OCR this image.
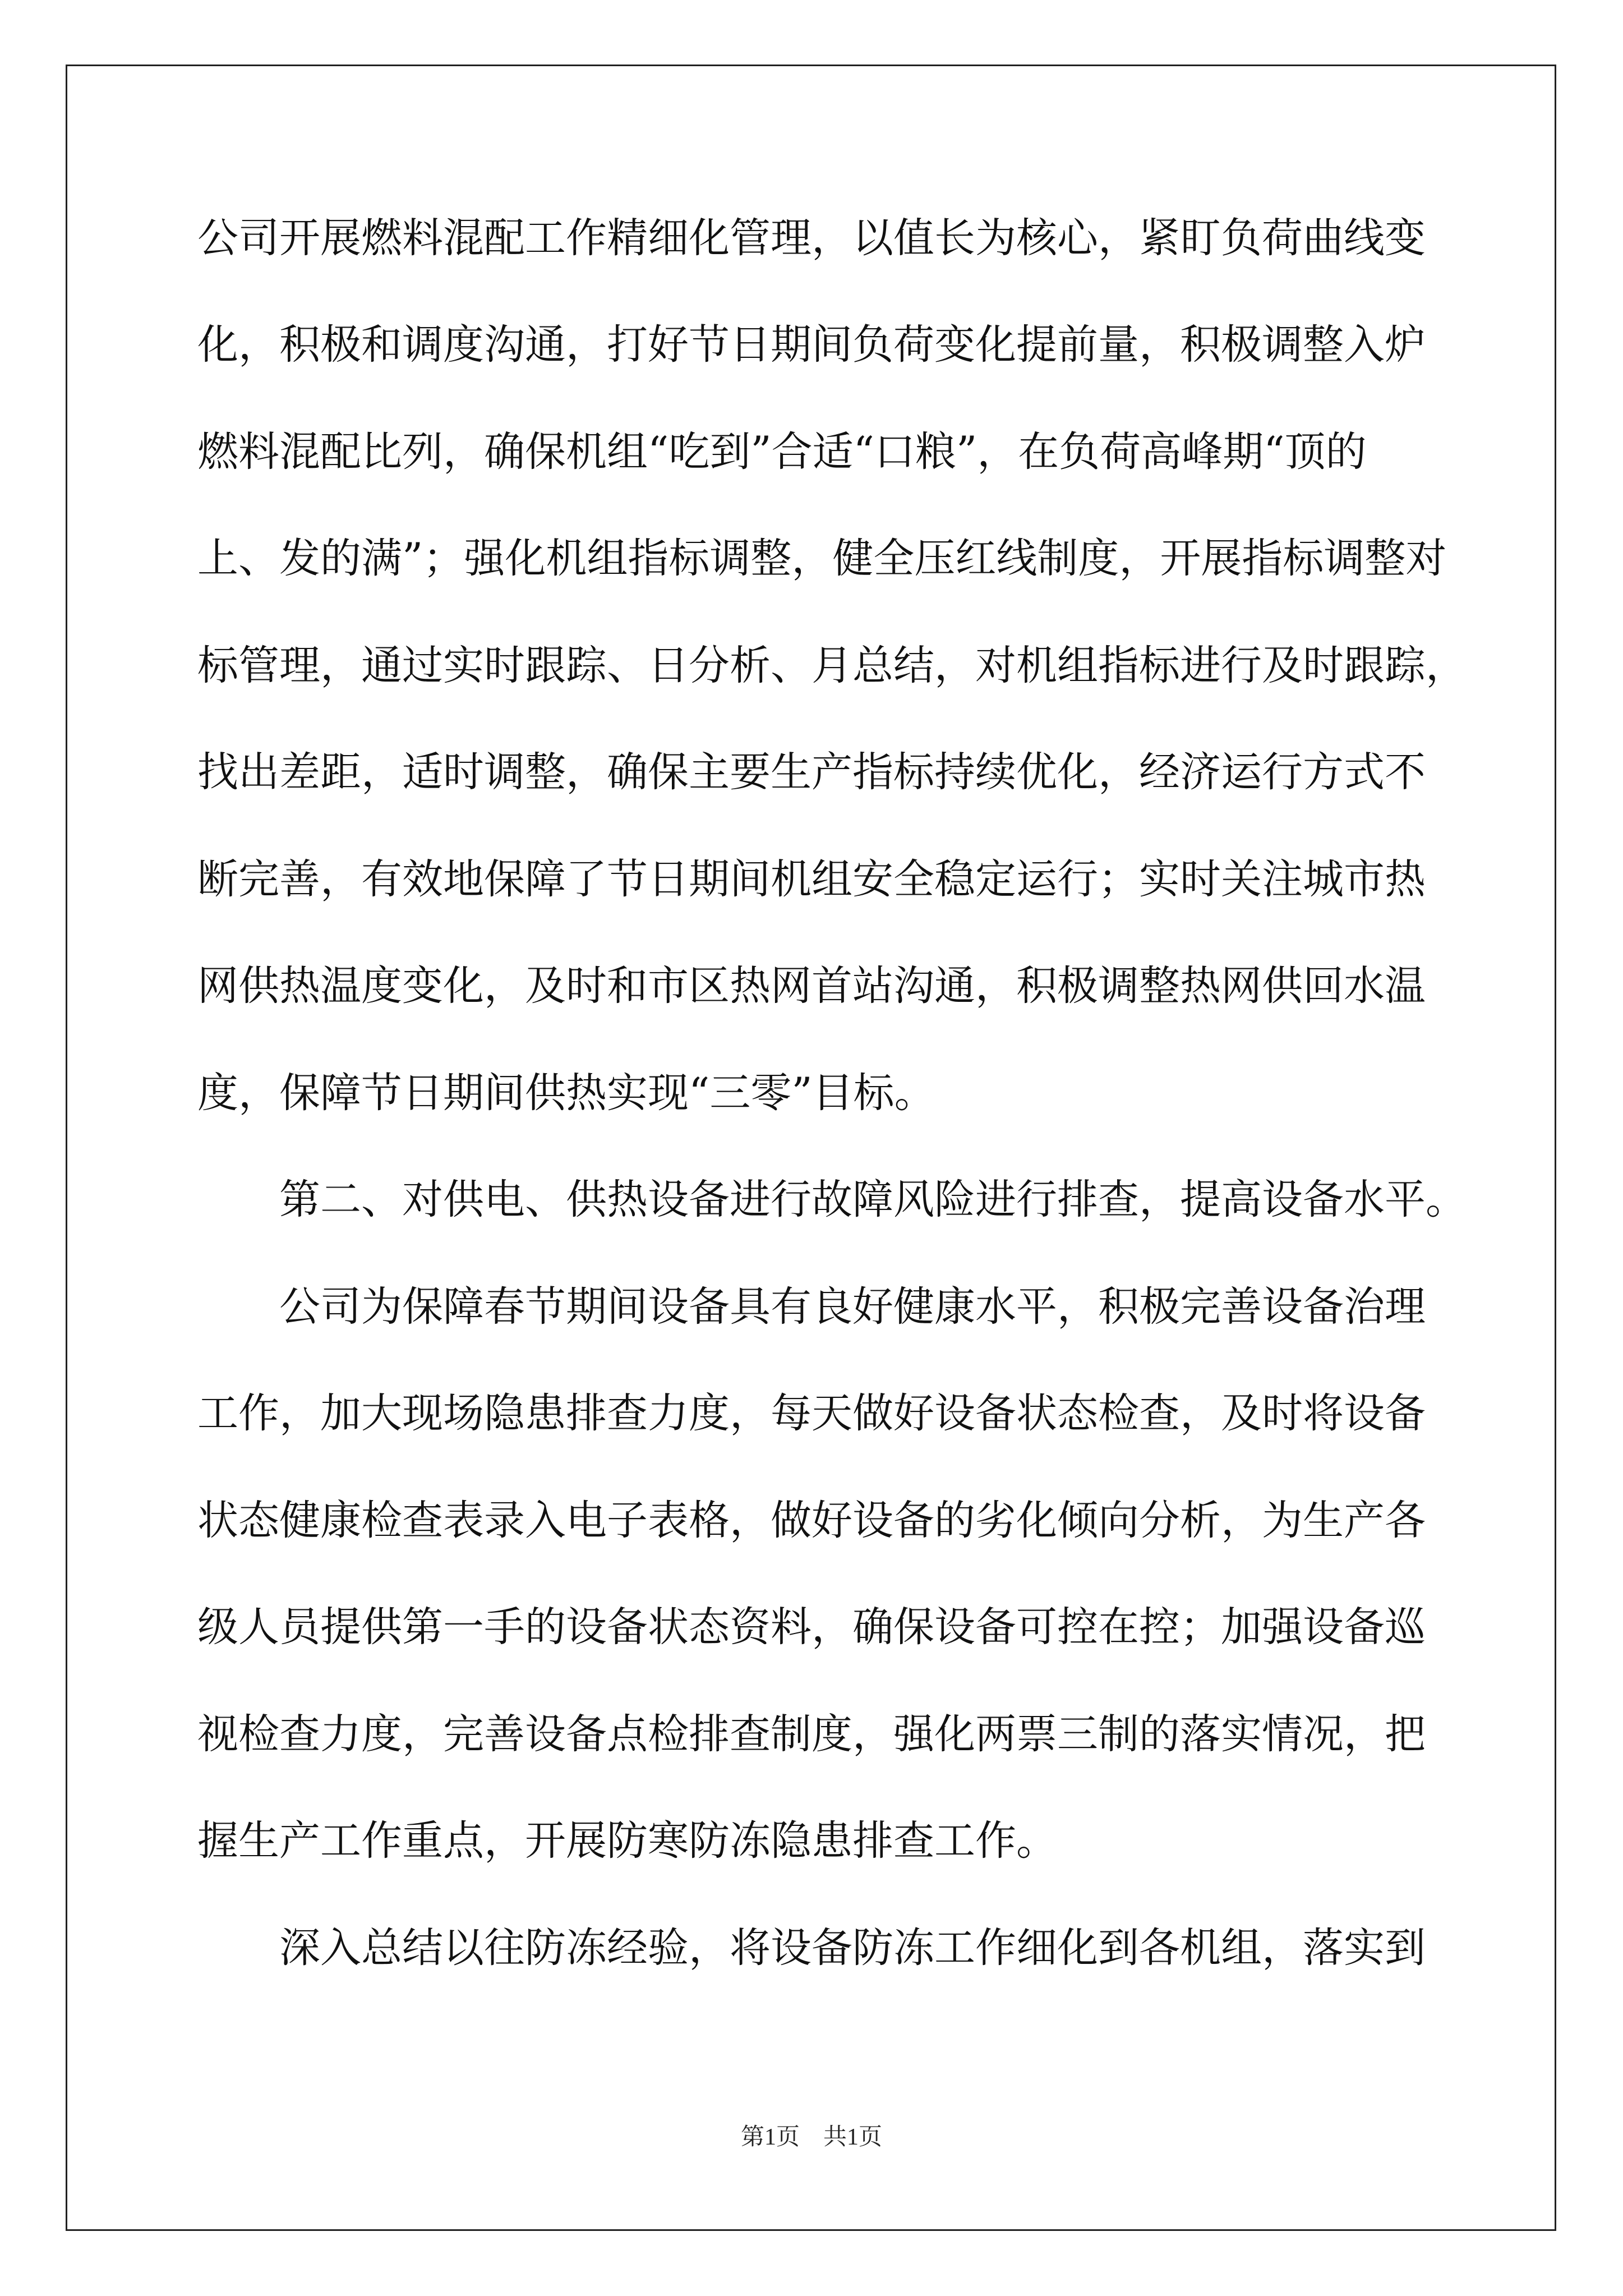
公司开展燃料混配工作精细化管理，以值长为核心，紧盯负荷曲线变
化，积极和调度沟通，打好节日期间负荷变化提前量，积极调整入炉
燃料混配比列，确保机组“吃到”合适“口粮”，在负荷高峰期“顶的
上、发的满”；强化机组指标调整，健全压红线制度，开展指标调整对
标管理，通过实时跟踪、日分析、月总结，对机组指标进行及时跟踪，
找出差距，适时调整，确保主要生产指标持续优化，经济运行方式不
断完善，有效地保障了节日期间机组安全稳定运行；实时关注城市热
网供热温度变化，及时和市区热网首站沟通，积极调整热网供回水温
度，保障节日期间供热实现“三零”目标。
　　第二、对供电、供热设备进行故障风险进行排查，提高设备水平。
　　公司为保障春节期间设备具有良好健康水平，积极完善设备治理
工作，加大现场隐患排查力度，每天做好设备状态检查，及时将设备
状态健康检查表录入电子表格，做好设备的劣化倾向分析，为生产各
级人员提供第一手的设备状态资料，确保设备可控在控；加强设备巡
视检查力度，完善设备点检排查制度，强化两票三制的落实情况，把
握生产工作重点，开展防寒防冻隐患排查工作。
　　深入总结以往防冻经验，将设备防冻工作细化到各机组，落实到
第1页　共1页
